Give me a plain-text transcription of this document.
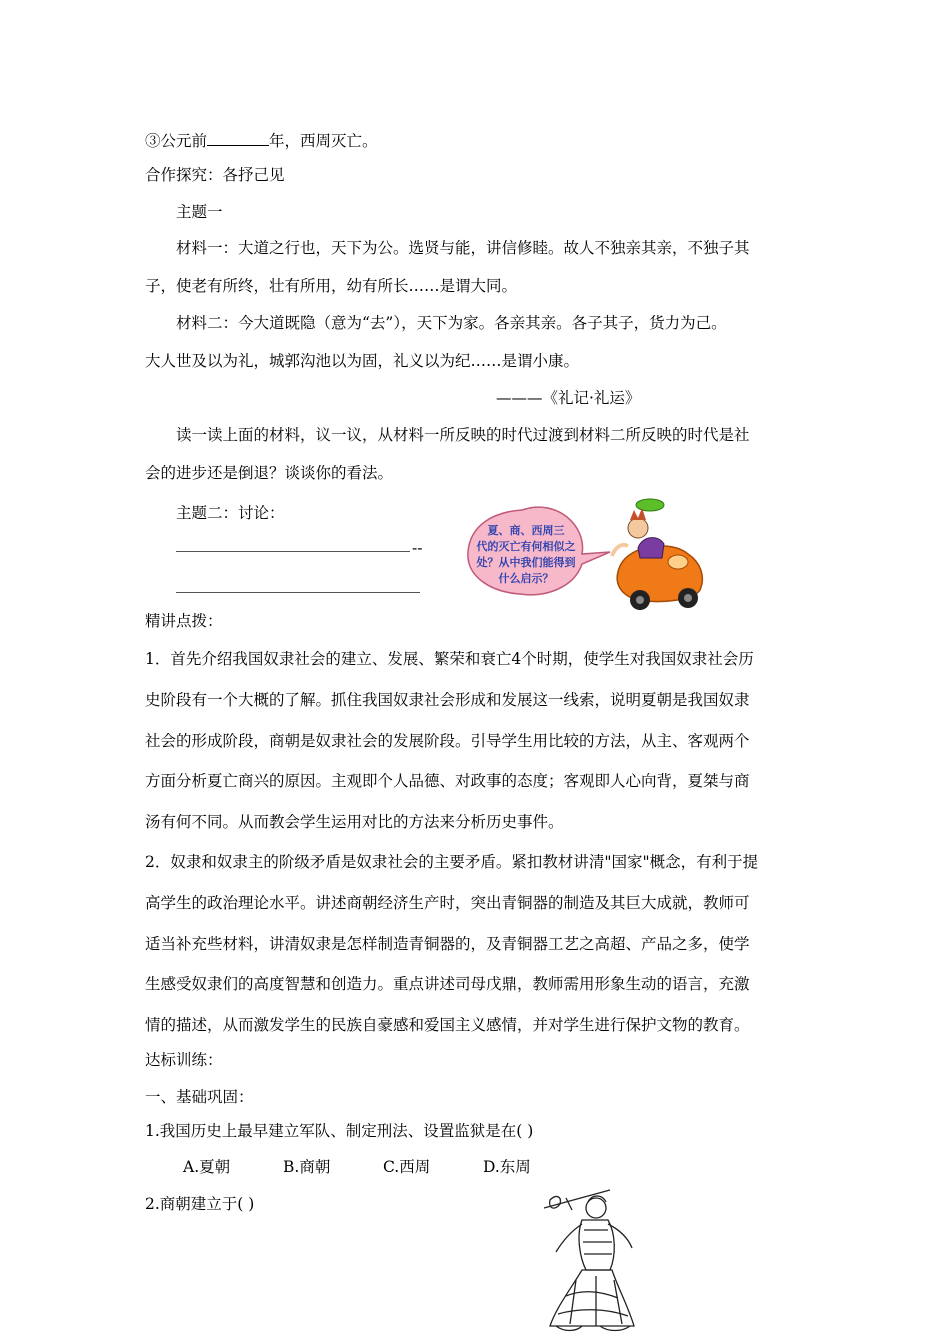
③公元前	年，西周灭亡。
合作探究：各抒己见
主题一
材料一：大道之行也，天下为公。选贤与能，讲信修睦。故人不独亲其亲，不独子其
子，使老有所终，壮有所用，幼有所长……是谓大同。
材料二：今大道既隐（意为“去”），天下为家。各亲其亲。各子其子，货力为己。
大人世及以为礼，城郭沟池以为固，礼义以为纪……是谓小康。
———《礼记·礼运》
读一读上面的材料，议一议，从材料一所反映的时代过渡到材料二所反映的时代是社
会的进步还是倒退？谈谈你的看法。
主题二：讨论：
--
夏、商、西周三
代的灭亡有何相似之
处？从中我们能得到
什么启示？
精讲点拨：
1．首先介绍我国奴隶社会的建立、发展、繁荣和衰亡4个时期，使学生对我国奴隶社会历
史阶段有一个大概的了解。抓住我国奴隶社会形成和发展这一线索，说明夏朝是我国奴隶
社会的形成阶段，商朝是奴隶社会的发展阶段。引导学生用比较的方法，从主、客观两个
方面分析夏亡商兴的原因。主观即个人品德、对政事的态度；客观即人心向背，夏桀与商
汤有何不同。从而教会学生运用对比的方法来分析历史事件。
2．奴隶和奴隶主的阶级矛盾是奴隶社会的主要矛盾。紧扣教材讲清"国家"概念，有利于提
高学生的政治理论水平。讲述商朝经济生产时，突出青铜器的制造及其巨大成就，教师可
适当补充些材料，讲清奴隶是怎样制造青铜器的，及青铜器工艺之高超、产品之多，使学
生感受奴隶们的高度智慧和创造力。重点讲述司母戊鼎，教师需用形象生动的语言，充激
情的描述，从而激发学生的民族自豪感和爱国主义感情，并对学生进行保护文物的教育。
达标训练：
一、基础巩固：
1.我国历史上最早建立军队、制定刑法、设置监狱是在( )
A.夏朝	B.商朝	C.西周	D.东周
2.商朝建立于( )
